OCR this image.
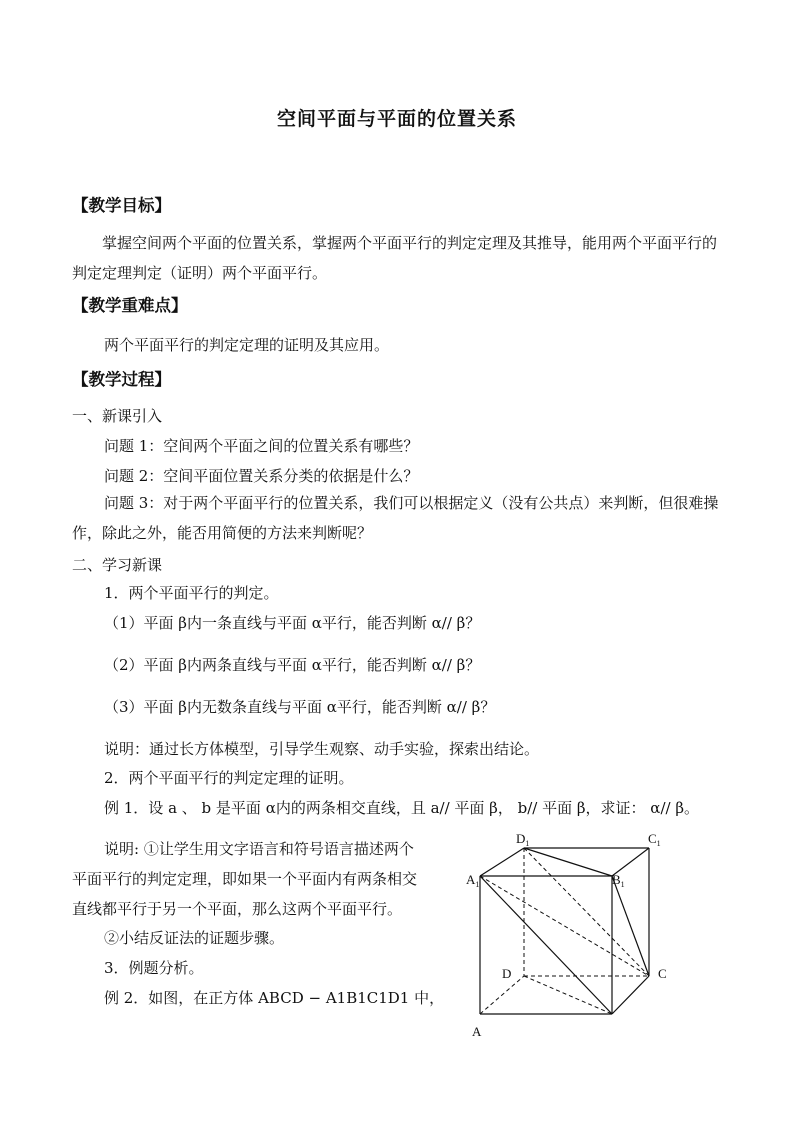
空间平面与平面的位置关系
【教学目标】

掌握空间两个平面的位置关系，掌握两个平面平行的判定定理及其推导，能用两个平面平行的判定定理判定（证明）两个平面平行。

【教学重难点】
两个平面平行的判定定理的证明及其应用。
【教学过程】
一、新课引入
问题 1：空间两个平面之间的位置关系有哪些？
问题 2：空间平面位置关系分类的依据是什么？

问题 3：对于两个平面平行的位置关系，我们可以根据定义（没有公共点）来判断，但很难操作，除此之外，能否用简便的方法来判断呢？

二、学习新课
1．两个平面平行的判定。
（1）平面 β内一条直线与平面 α平行，能否判断 α// β？
（2）平面 β内两条直线与平面 α平行，能否判断 α// β？
（3）平面 β内无数条直线与平面 α平行，能否判断 α// β？
说明：通过长方体模型，引导学生观察、动手实验，探索出结论。
2．两个平面平行的判定定理的证明。
例 1．设 a 、 b 是平面 α内的两条相交直线，且 a// 平面 β， b// 平面 β，求证： α// β。

说明: ①让学生用文字语言和符号语言描述两个平面平行的判定定理，即如果一个平面内有两条相交直线都平行于另一个平面，那么这两个平面平行。

②小结反证法的证题步骤。
3．例题分析。
例 2．如图，在正方体 ABCD − A1B1C1D1 中，
$D_1$	$C_1$
$A_1$	$B_1$
D	C
A
